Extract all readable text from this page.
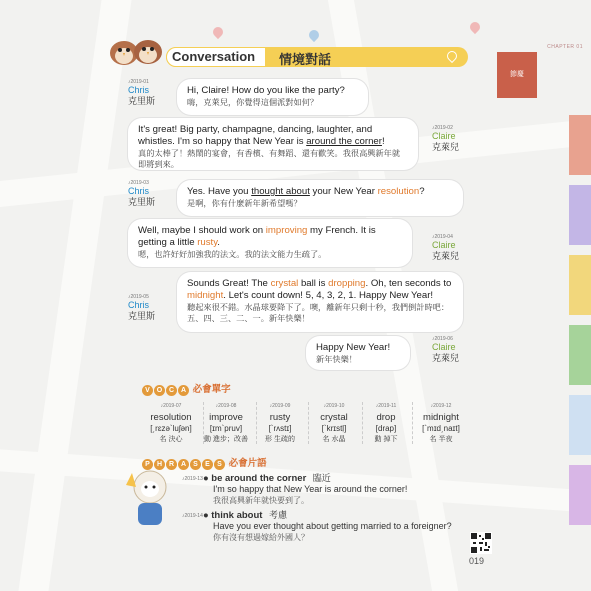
CHAPTER 01
節慶
Conversation 情境對話
♪2019-01
Chris
克里斯
Hi, Claire! How do you like the party?
嗨，克萊兒，你覺得這個派對如何？
It's great! Big party, champagne, dancing, laughter, and whistles. I'm so happy that New Year is around the corner!
真的太棒了！熱鬧的宴會，有香檳、有舞蹈、還有歡笑。我很高興新年就即將到來。
♪2019-02
Claire
克萊兒
♪2019-03
Chris
克里斯
Yes. Have you thought about your New Year resolution?
是啊，你有什麼新年新希望嗎？
Well, maybe I should work on improving my French. It is getting a little rusty.
嗯，也許好好加強我的法文。我的法文能力生疏了。
♪2019-04
Claire
克萊兒
♪2019-05
Chris
克里斯
Sounds Great! The crystal ball is dropping. Oh, ten seconds to midnight. Let's count down! 5, 4, 3, 2, 1. Happy New Year!
聽起來很不錯。水晶球要降下了。噢，離新年只剩十秒，我們倒計時吧：五、四、三、二、一。新年快樂！
Happy New Year!
新年快樂！
♪2019-06
Claire
克萊兒
V O C A 必會單字
♪2019-07
resolution
[͵rɛzə`luʃən]
名 決心
♪2019-08
improve
[ɪm`pruv]
動 進步；改善
♪2019-09
rusty
[`rʌstɪ]
形 生疏的
♪2019-10
crystal
[`krɪstḷ]
名 水晶
♪2019-11
drop
[drap]
動 掉下
♪2019-12
midnight
[`mɪd͵naɪt]
名 半夜
P H R A S E S 必會片語
♪2019-13 ● be around the corner 臨近
I'm so happy that New Year is around the corner!
我很高興新年就快要到了。
♪2019-14 ● think about 考慮
Have you ever thought about getting married to a foreigner?
你有沒有想過嫁給外國人？
019
